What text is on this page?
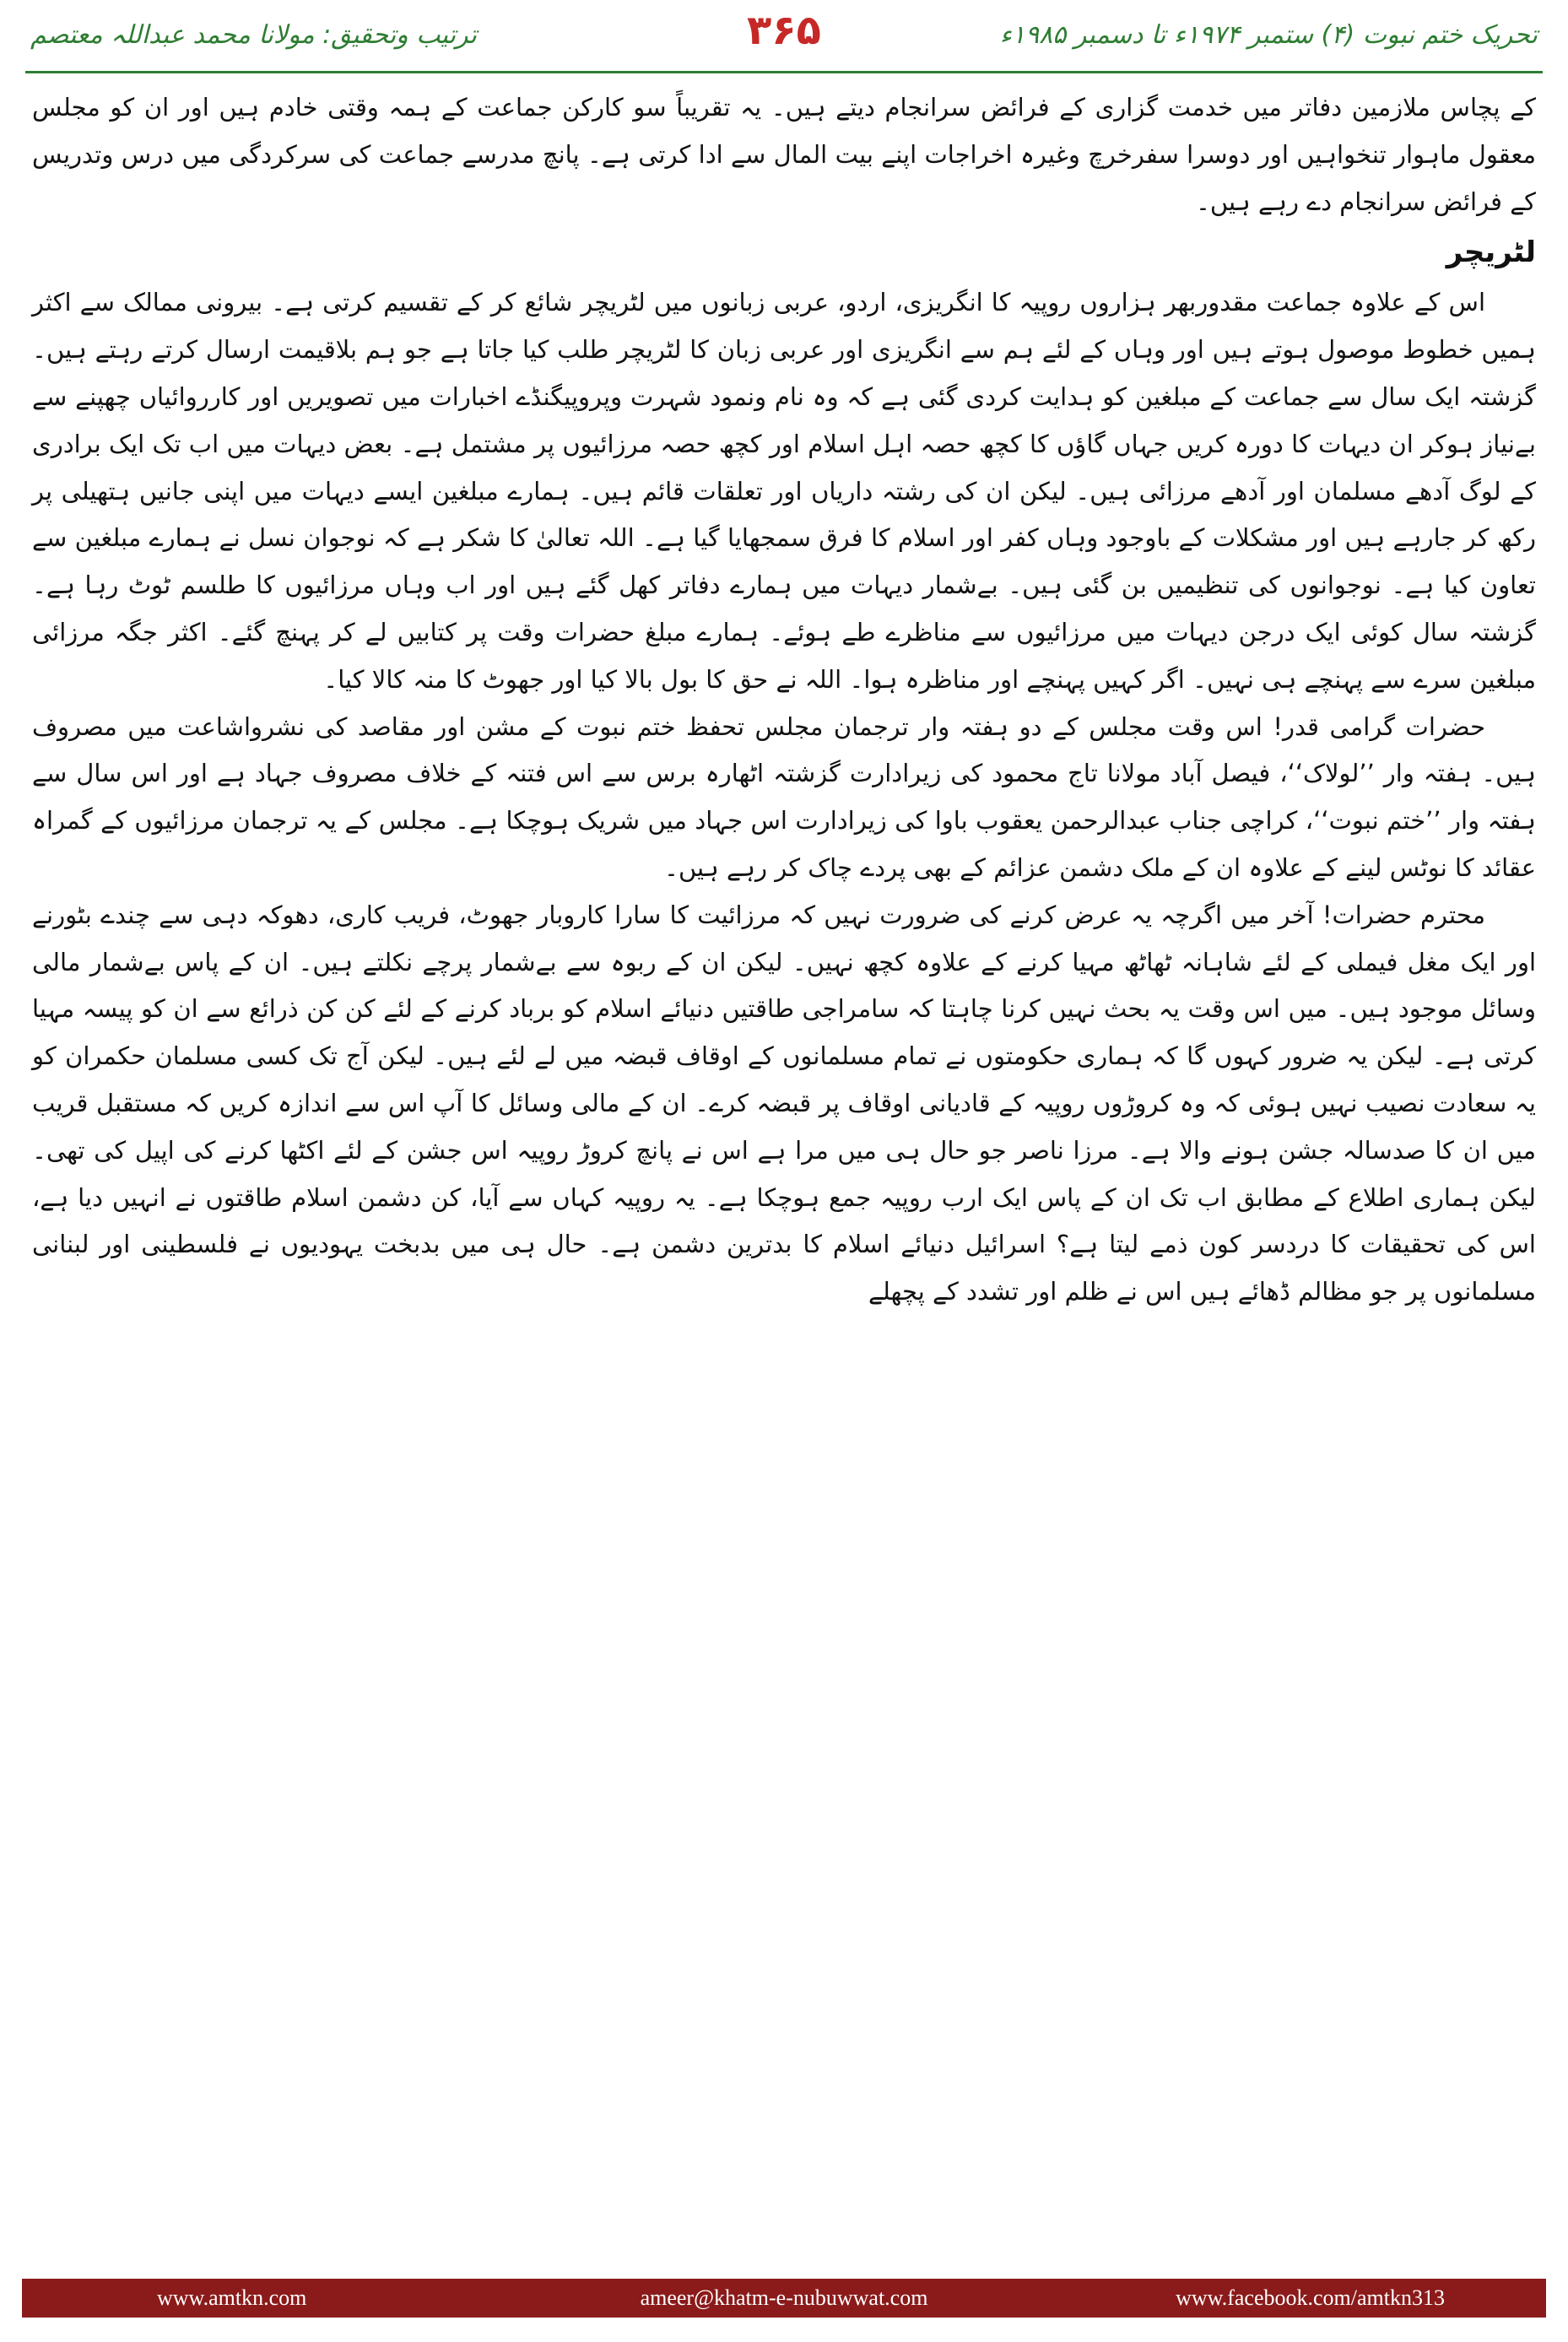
ترتیب وتحقیق: مولانا محمد عبداللہ معتصم	۳۶۵	تحریک ختم نبوت (۴) ستمبر ۱۹۷۴ء تا دسمبر ۱۹۸۵ء

کے پچاس ملازمین دفاتر میں خدمت گزاری کے فرائض سرانجام دیتے ہیں۔ یہ تقریباً سو کارکن جماعت کے ہمہ وقتی خادم ہیں اور ان کو مجلس معقول ماہوار تنخواہیں اور دوسرا سفرخرچ وغیرہ اخراجات اپنے بیت المال سے ادا کرتی ہے۔ پانچ مدرسے جماعت کی سرکردگی میں درس وتدریس کے فرائض سرانجام دے رہے ہیں۔

لٹریچر

اس کے علاوہ جماعت مقدوربھر ہزاروں روپیہ کا انگریزی، اردو، عربی زبانوں میں لٹریچر شائع کر کے تقسیم کرتی ہے۔ بیرونی ممالک سے اکثر ہمیں خطوط موصول ہوتے ہیں اور وہاں کے لئے ہم سے انگریزی اور عربی زبان کا لٹریچر طلب کیا جاتا ہے جو ہم بلاقیمت ارسال کرتے رہتے ہیں۔ گزشتہ ایک سال سے جماعت کے مبلغین کو ہدایت کردی گئی ہے کہ وہ نام ونمود شہرت وپروپیگنڈے اخبارات میں تصویریں اور کارروائیاں چھپنے سے بےنیاز ہوکر ان دیہات کا دورہ کریں جہاں گاؤں کا کچھ حصہ اہل اسلام اور کچھ حصہ مرزائیوں پر مشتمل ہے۔ بعض دیہات میں اب تک ایک برادری کے لوگ آدھے مسلمان اور آدھے مرزائی ہیں۔ لیکن ان کی رشتہ داریاں اور تعلقات قائم ہیں۔ ہمارے مبلغین ایسے دیہات میں اپنی جانیں ہتھیلی پر رکھ کر جارہے ہیں اور مشکلات کے باوجود وہاں کفر اور اسلام کا فرق سمجھایا گیا ہے۔ اللہ تعالیٰ کا شکر ہے کہ نوجوان نسل نے ہمارے مبلغین سے تعاون کیا ہے۔ نوجوانوں کی تنظیمیں بن گئی ہیں۔ بےشمار دیہات میں ہمارے دفاتر کھل گئے ہیں اور اب وہاں مرزائیوں کا طلسم ٹوٹ رہا ہے۔ گزشتہ سال کوئی ایک درجن دیہات میں مرزائیوں سے مناظرے طے ہوئے۔ ہمارے مبلغ حضرات وقت پر کتابیں لے کر پہنچ گئے۔ اکثر جگہ مرزائی مبلغین سرے سے پہنچے ہی نہیں۔ اگر کہیں پہنچے اور مناظرہ ہوا۔ اللہ نے حق کا بول بالا کیا اور جھوٹ کا منہ کالا کیا۔

حضرات گرامی قدر! اس وقت مجلس کے دو ہفتہ وار ترجمان مجلس تحفظ ختم نبوت کے مشن اور مقاصد کی نشرواشاعت میں مصروف ہیں۔ ہفتہ وار ’’لولاک‘‘، فیصل آباد مولانا تاج محمود کی زیرادارت گزشتہ اٹھارہ برس سے اس فتنہ کے خلاف مصروف جہاد ہے اور اس سال سے ہفتہ وار ’’ختم نبوت‘‘، کراچی جناب عبدالرحمن یعقوب باوا کی زیرادارت اس جہاد میں شریک ہوچکا ہے۔ مجلس کے یہ ترجمان مرزائیوں کے گمراہ عقائد کا نوٹس لینے کے علاوہ ان کے ملک دشمن عزائم کے بھی پردے چاک کر رہے ہیں۔

محترم حضرات! آخر میں اگرچہ یہ عرض کرنے کی ضرورت نہیں کہ مرزائیت کا سارا کاروبار جھوٹ، فریب کاری، دھوکہ دہی سے چندے بٹورنے اور ایک مغل فیملی کے لئے شاہانہ ٹھاٹھ مہیا کرنے کے علاوہ کچھ نہیں۔ لیکن ان کے ربوہ سے بےشمار پرچے نکلتے ہیں۔ ان کے پاس بےشمار مالی وسائل موجود ہیں۔ میں اس وقت یہ بحث نہیں کرنا چاہتا کہ سامراجی طاقتیں دنیائے اسلام کو برباد کرنے کے لئے کن کن ذرائع سے ان کو پیسہ مہیا کرتی ہے۔ لیکن یہ ضرور کہوں گا کہ ہماری حکومتوں نے تمام مسلمانوں کے اوقاف قبضہ میں لے لئے ہیں۔ لیکن آج تک کسی مسلمان حکمران کو یہ سعادت نصیب نہیں ہوئی کہ وہ کروڑوں روپیہ کے قادیانی اوقاف پر قبضہ کرے۔ ان کے مالی وسائل کا آپ اس سے اندازہ کریں کہ مستقبل قریب میں ان کا صدسالہ جشن ہونے والا ہے۔ مرزا ناصر جو حال ہی میں مرا ہے اس نے پانچ کروڑ روپیہ اس جشن کے لئے اکٹھا کرنے کی اپیل کی تھی۔ لیکن ہماری اطلاع کے مطابق اب تک ان کے پاس ایک ارب روپیہ جمع ہوچکا ہے۔ یہ روپیہ کہاں سے آیا، کن دشمن اسلام طاقتوں نے انہیں دیا ہے، اس کی تحقیقات کا دردسر کون ذمے لیتا ہے؟ اسرائیل دنیائے اسلام کا بدترین دشمن ہے۔ حال ہی میں بدبخت یہودیوں نے فلسطینی اور لبنانی مسلمانوں پر جو مظالم ڈھائے ہیں اس نے ظلم اور تشدد کے پچھلے

www.amtkn.com	ameer@khatm-e-nubuwwat.com	www.facebook.com/amtkn313
